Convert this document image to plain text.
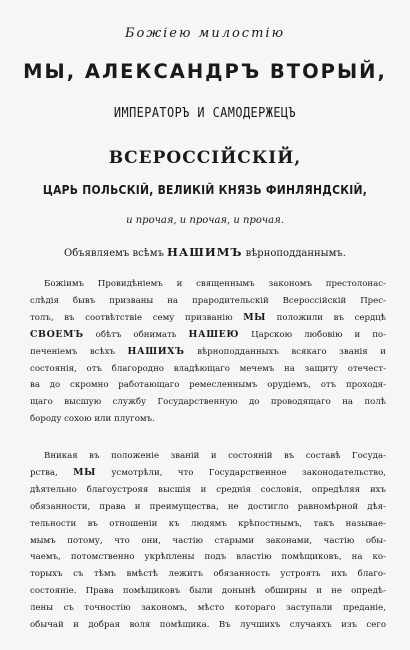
Божіею милостію
МЫ, АЛЕКСАНДРЪ ВТОРЫЙ,
ИМПЕРАТОРЪ И САМОДЕРЖЕЦЪ
ВСЕРОССІЙСКІЙ,
ЦАРЬ ПОЛЬСКІЙ, ВЕЛИКІЙ КНЯЗЬ ФИНЛЯНДСКІЙ,
и прочая, и прочая, и прочая.
Объявляемъ всѣмъ НАШИМЪ вѣрноподданнымъ.
Божіимъ Провидѣніемъ и священнымъ закономъ престолонас-
слѣдія бывъ призваны на прародительскій Всероссійскій Прес-
толъ, въ соотвѣтствіе сему призванію МЫ положили въ сердцѣ
СВОЕМЪ обѣтъ обнимать НАШЕЮ Царскою любовію и по-
печеніемъ всѣхъ НАШИХЪ вѣрноподданныхъ всякаго званія и
состоянія, отъ благородно владѣющаго мечемъ на защиту отечест-
ва до скромно работающаго ремесленнымъ орудіемъ, отъ проходя-
щаго высшую службу Государственную до проводящаго на полѣ
бороду сохою или плугомъ.
Вникая въ положеніе званій и состояній въ составѣ Госуда-
рства, МЫ усмотрѣли, что Государственное законодательство,
дѣятельно благоустрояя высшія и среднія сословія, опредѣляя ихъ
обязанности, права и преимущества, не достигло равномѣрной дѣя-
тельности въ отношеніи къ людямъ крѣпостнымъ, такъ называе-
мымъ потому, что они, частію старыми законами, частію обы-
чаемъ, потомственно укрѣплены подъ властію помѣщиковъ, на ко-
торыхъ съ тѣмъ вмѣстѣ лежитъ обязанность устроять ихъ благо-
состояніе. Права помѣщиковъ были донынѣ обширны и не опредѣ-
лены съ точностію закономъ, мѣсто котораго заступали преданіе,
обычай и добрая воля помѣщика. Въ лучшихъ случаяхъ изъ сего
